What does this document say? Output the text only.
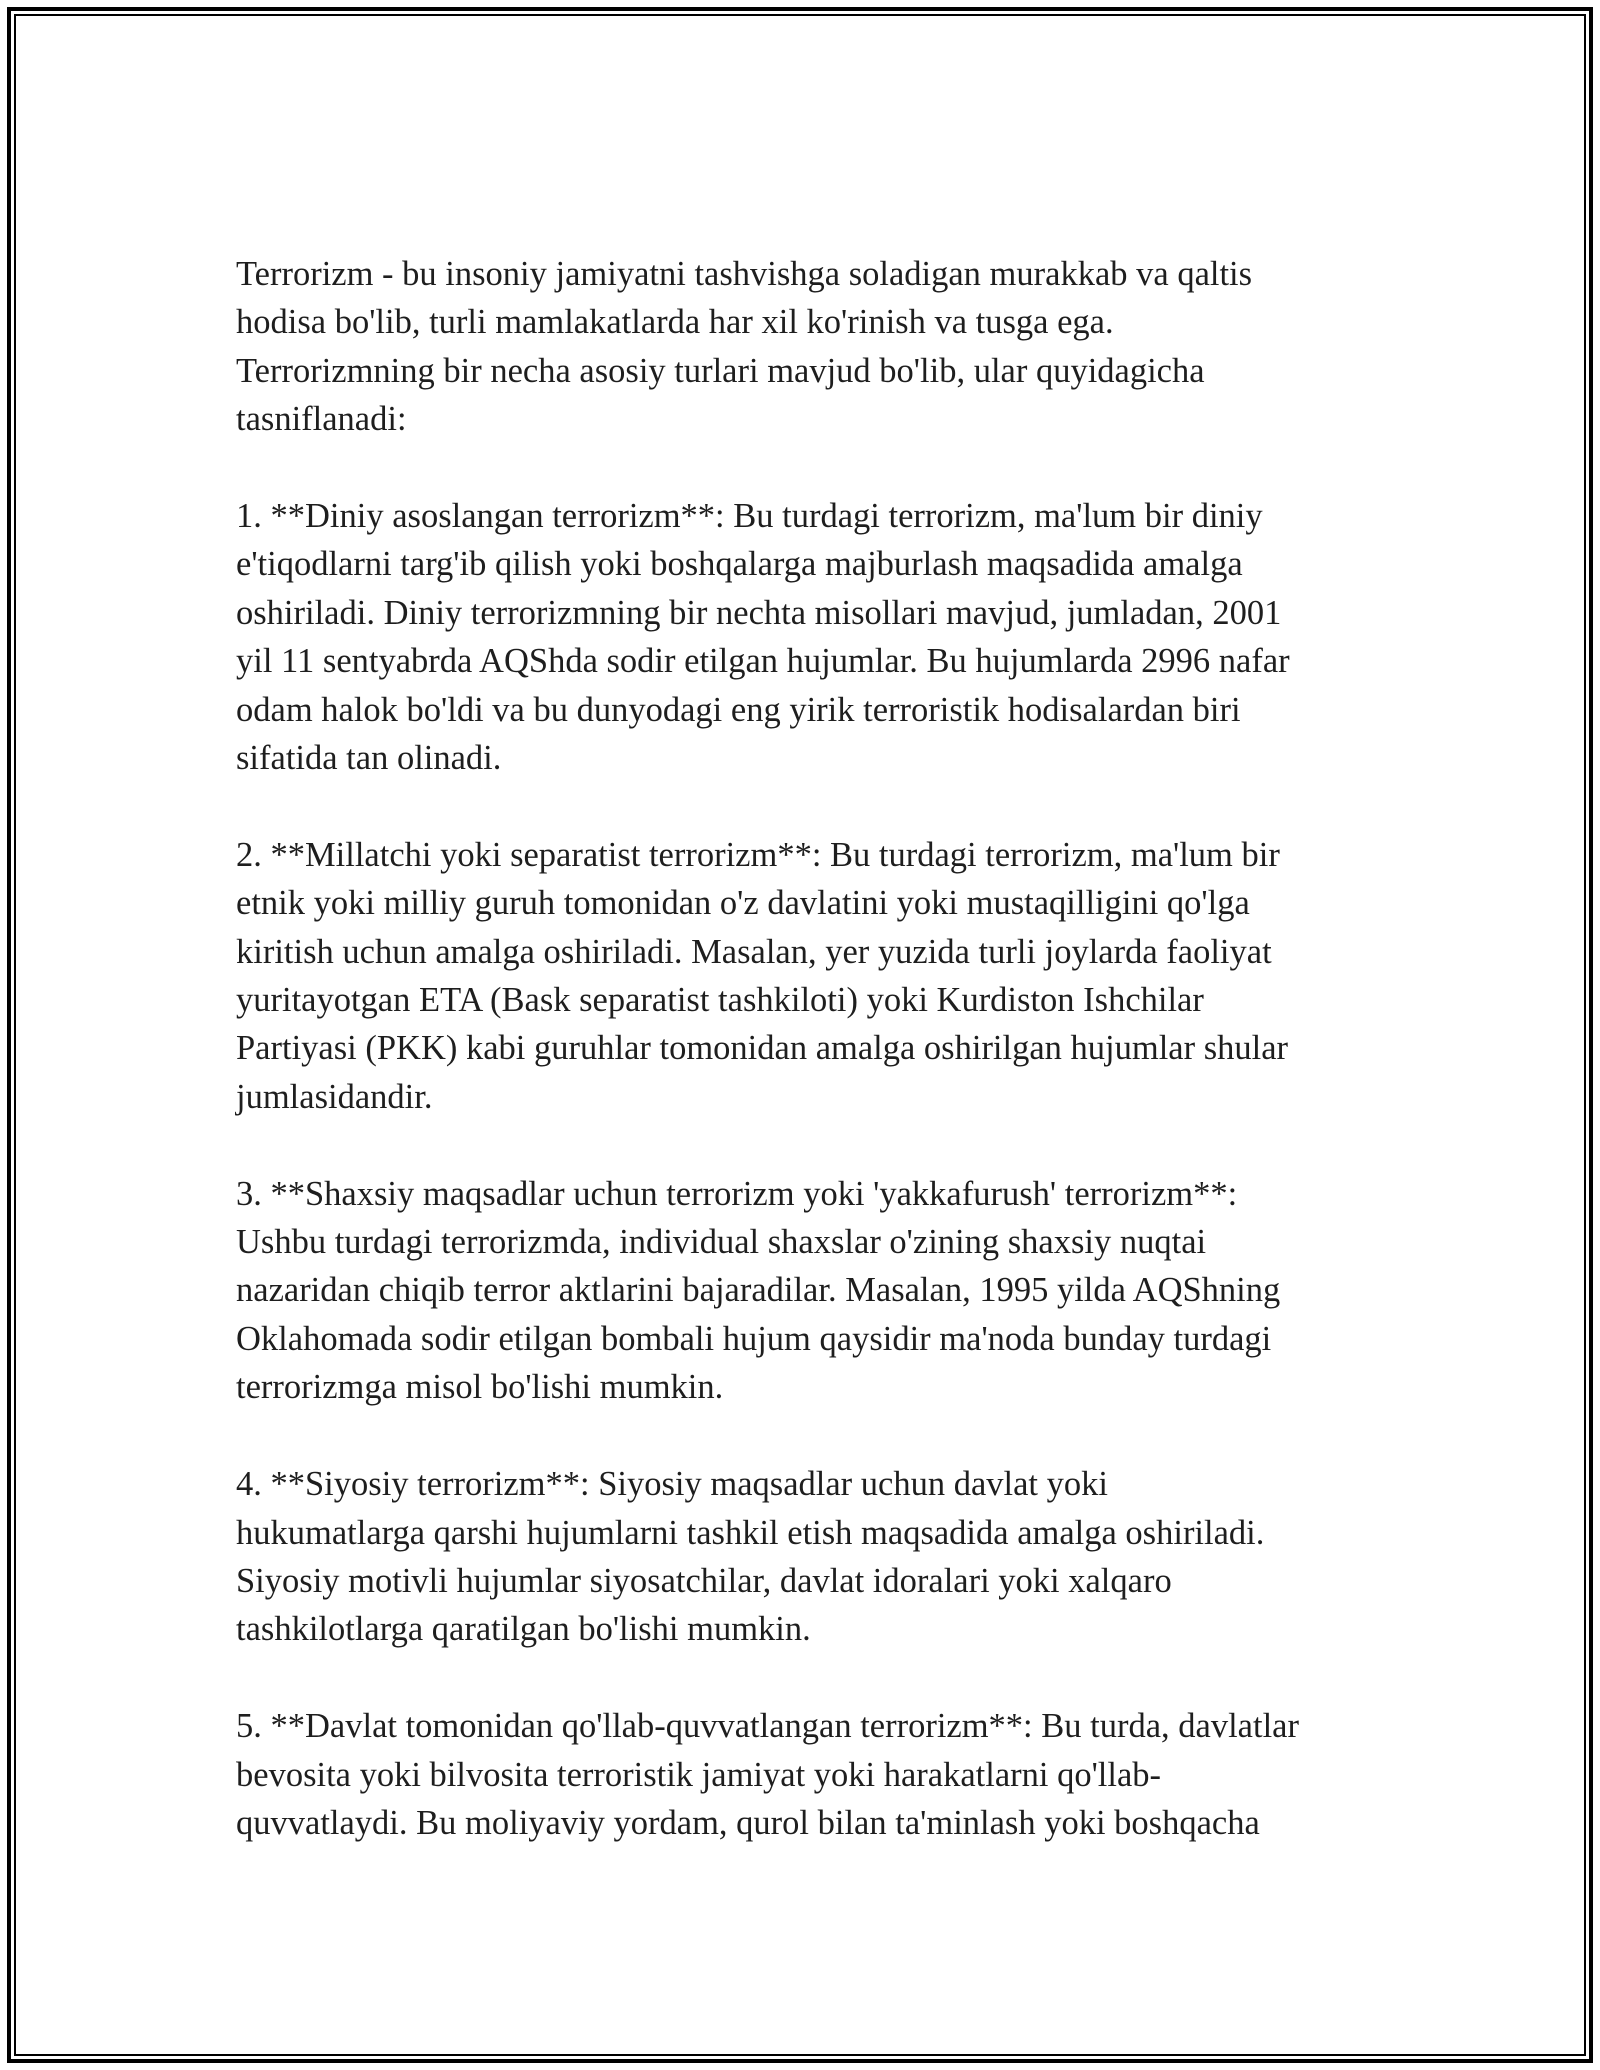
Terrorizm - bu insoniy jamiyatni tashvishga soladigan murakkab va qaltis
hodisa bo'lib, turli mamlakatlarda har xil ko'rinish va tusga ega.
Terrorizmning bir necha asosiy turlari mavjud bo'lib, ular quyidagicha
tasniflanadi:

1. **Diniy asoslangan terrorizm**: Bu turdagi terrorizm, ma'lum bir diniy
e'tiqodlarni targ'ib qilish yoki boshqalarga majburlash maqsadida amalga
oshiriladi. Diniy terrorizmning bir nechta misollari mavjud, jumladan, 2001
yil 11 sentyabrda AQShda sodir etilgan hujumlar. Bu hujumlarda 2996 nafar
odam halok bo'ldi va bu dunyodagi eng yirik terroristik hodisalardan biri
sifatida tan olinadi.

2. **Millatchi yoki separatist terrorizm**: Bu turdagi terrorizm, ma'lum bir
etnik yoki milliy guruh tomonidan o'z davlatini yoki mustaqilligini qo'lga
kiritish uchun amalga oshiriladi. Masalan, yer yuzida turli joylarda faoliyat
yuritayotgan ETA (Bask separatist tashkiloti) yoki Kurdiston Ishchilar
Partiyasi (PKK) kabi guruhlar tomonidan amalga oshirilgan hujumlar shular
jumlasidandir.

3. **Shaxsiy maqsadlar uchun terrorizm yoki 'yakkafurush' terrorizm**:
Ushbu turdagi terrorizmda, individual shaxslar o'zining shaxsiy nuqtai
nazaridan chiqib terror aktlarini bajaradilar. Masalan, 1995 yilda AQShning
Oklahomada sodir etilgan bombali hujum qaysidir ma'noda bunday turdagi
terrorizmga misol bo'lishi mumkin.

4. **Siyosiy terrorizm**: Siyosiy maqsadlar uchun davlat yoki
hukumatlarga qarshi hujumlarni tashkil etish maqsadida amalga oshiriladi.
Siyosiy motivli hujumlar siyosatchilar, davlat idoralari yoki xalqaro
tashkilotlarga qaratilgan bo'lishi mumkin.

5. **Davlat tomonidan qo'llab-quvvatlangan terrorizm**: Bu turda, davlatlar
bevosita yoki bilvosita terroristik jamiyat yoki harakatlarni qo'llab-
quvvatlaydi. Bu moliyaviy yordam, qurol bilan ta'minlash yoki boshqacha
